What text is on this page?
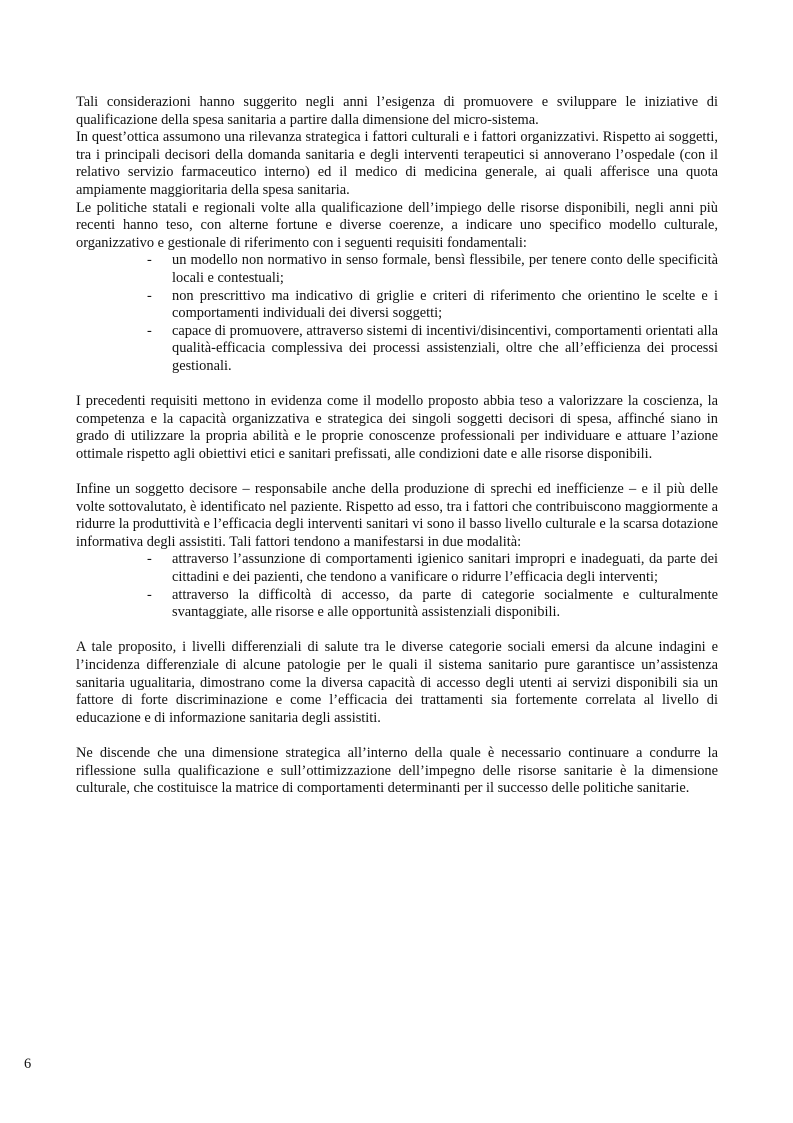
Tali considerazioni hanno suggerito negli anni l’esigenza di promuovere e sviluppare le iniziative di qualificazione della spesa sanitaria a partire dalla dimensione del micro-sistema.

In quest’ottica assumono una rilevanza strategica i fattori culturali e i fattori organizzativi. Rispetto ai soggetti, tra i principali decisori della domanda sanitaria e degli interventi terapeutici si annoverano l’ospedale (con il relativo servizio farmaceutico interno) ed il medico di medicina generale, ai quali afferisce una quota ampiamente maggioritaria della spesa sanitaria.

Le politiche statali e regionali volte alla qualificazione dell’impiego delle risorse disponibili, negli anni più recenti hanno teso, con alterne fortune e diverse coerenze, a indicare uno specifico modello culturale, organizzativo e gestionale di riferimento con i seguenti requisiti fondamentali:

- un modello non normativo in senso formale, bensì flessibile, per tenere conto delle specificità locali e contestuali;
- non prescrittivo ma indicativo di griglie e criteri di riferimento che orientino le scelte e i comportamenti individuali dei diversi soggetti;
- capace di promuovere, attraverso sistemi di incentivi/disincentivi, comportamenti orientati alla qualità-efficacia complessiva dei processi assistenziali, oltre che all’efficienza dei processi gestionali.

I precedenti requisiti mettono in evidenza come il modello proposto abbia teso a valorizzare la coscienza, la competenza e la capacità organizzativa e strategica dei singoli soggetti decisori di spesa, affinché siano in grado di utilizzare la propria abilità e le proprie conoscenze professionali per individuare e attuare l’azione ottimale rispetto agli obiettivi etici e sanitari prefissati, alle condizioni date e alle risorse disponibili.

Infine un soggetto decisore – responsabile anche della produzione di sprechi ed inefficienze – e il più delle volte sottovalutato, è identificato nel paziente. Rispetto ad esso, tra i fattori che contribuiscono maggiormente a ridurre la produttività e l’efficacia degli interventi sanitari vi sono il basso livello culturale e la scarsa dotazione informativa degli assistiti. Tali fattori tendono a manifestarsi in due modalità:

- attraverso l’assunzione di comportamenti igienico sanitari impropri e inadeguati, da parte dei cittadini e dei pazienti, che tendono a vanificare o ridurre l’efficacia degli interventi;
- attraverso la difficoltà di accesso, da parte di categorie socialmente e culturalmente svantaggiate, alle risorse e alle opportunità assistenziali disponibili.

A tale proposito, i livelli differenziali di salute tra le diverse categorie sociali emersi da alcune indagini e l’incidenza differenziale di alcune patologie per le quali il sistema sanitario pure garantisce un’assistenza sanitaria ugualitaria, dimostrano come la diversa capacità di accesso degli utenti ai servizi disponibili sia un fattore di forte discriminazione e come l’efficacia dei trattamenti sia fortemente correlata al livello di educazione e di informazione sanitaria degli assistiti.

Ne discende che una dimensione strategica all’interno della quale è necessario continuare a condurre la riflessione sulla qualificazione e sull’ottimizzazione dell’impegno delle risorse sanitarie è la dimensione culturale, che costituisce la matrice di comportamenti determinanti per il successo delle politiche sanitarie.

6
